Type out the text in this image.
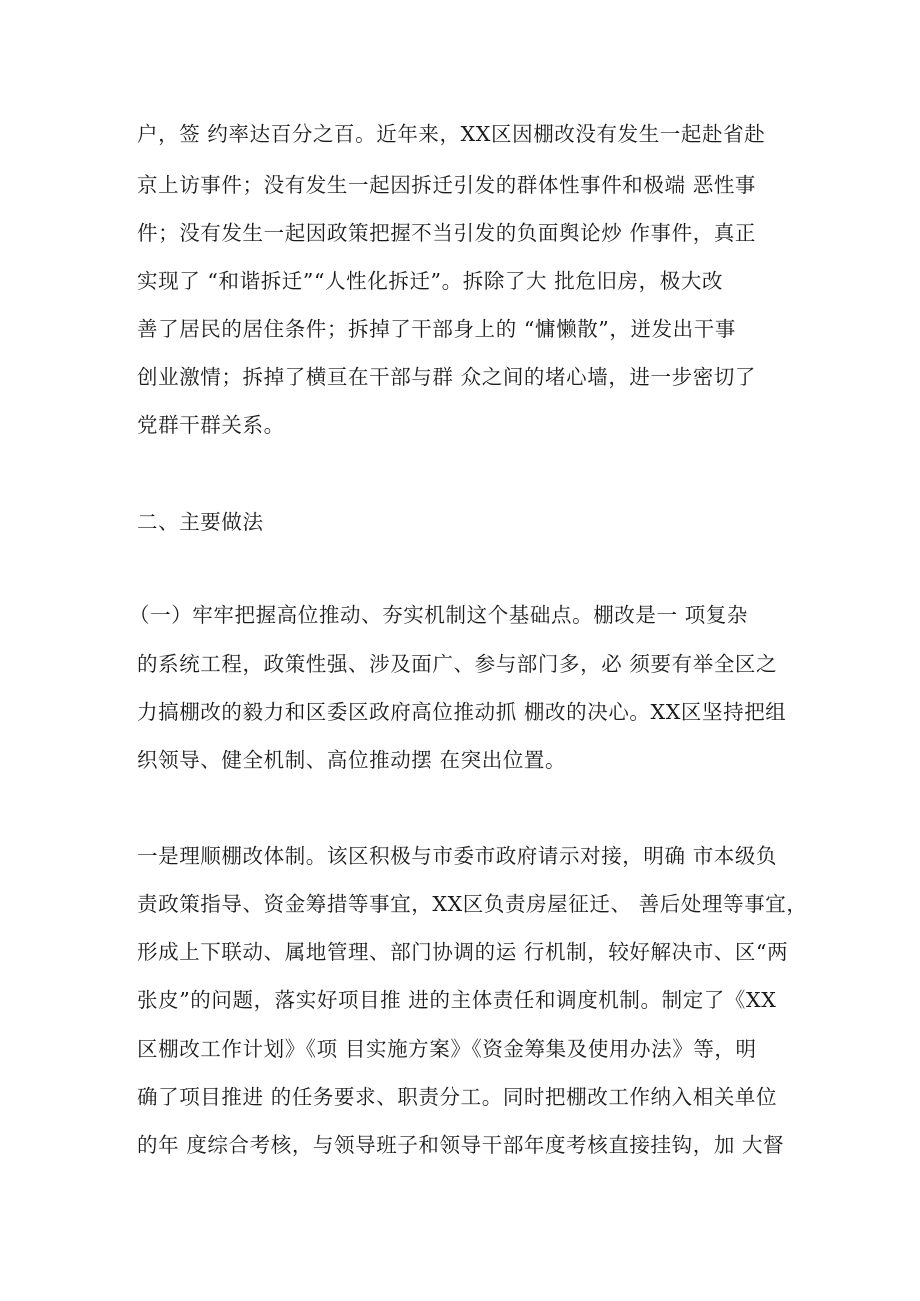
户，签 约率达百分之百。近年来，XX区因棚改没有发生一起赴省赴
京上访事件；没有发生一起因拆迁引发的群体性事件和极端 恶性事
件；没有发生一起因政策把握不当引发的负面舆论炒 作事件，真正
实现了 “和谐拆迁”“人性化拆迁”。拆除了大 批危旧房，极大改
善了居民的居住条件；拆掉了干部身上的 “慵懒散”，迸发出干事
创业激情；拆掉了横亘在干部与群 众之间的堵心墙，进一步密切了
党群干群关系。
二、主要做法
（一）牢牢把握高位推动、夯实机制这个基础点。棚改是一 项复杂
的系统工程，政策性强、涉及面广、参与部门多，必 须要有举全区之
力搞棚改的毅力和区委区政府高位推动抓 棚改的决心。XX区坚持把组
织领导、健全机制、高位推动摆 在突出位置。
一是理顺棚改体制。该区积极与市委市政府请示对接，明确 市本级负
责政策指导、资金筹措等事宜，XX区负责房屋征迁、 善后处理等事宜，
形成上下联动、属地管理、部门协调的运 行机制，较好解决市、区“两
张皮”的问题，落实好项目推 进的主体责任和调度机制。制定了《XX
区棚改工作计划》《项 目实施方案》《资金筹集及使用办法》等，明
确了项目推进 的任务要求、职责分工。同时把棚改工作纳入相关单位
的年 度综合考核，与领导班子和领导干部年度考核直接挂钩，加 大督
